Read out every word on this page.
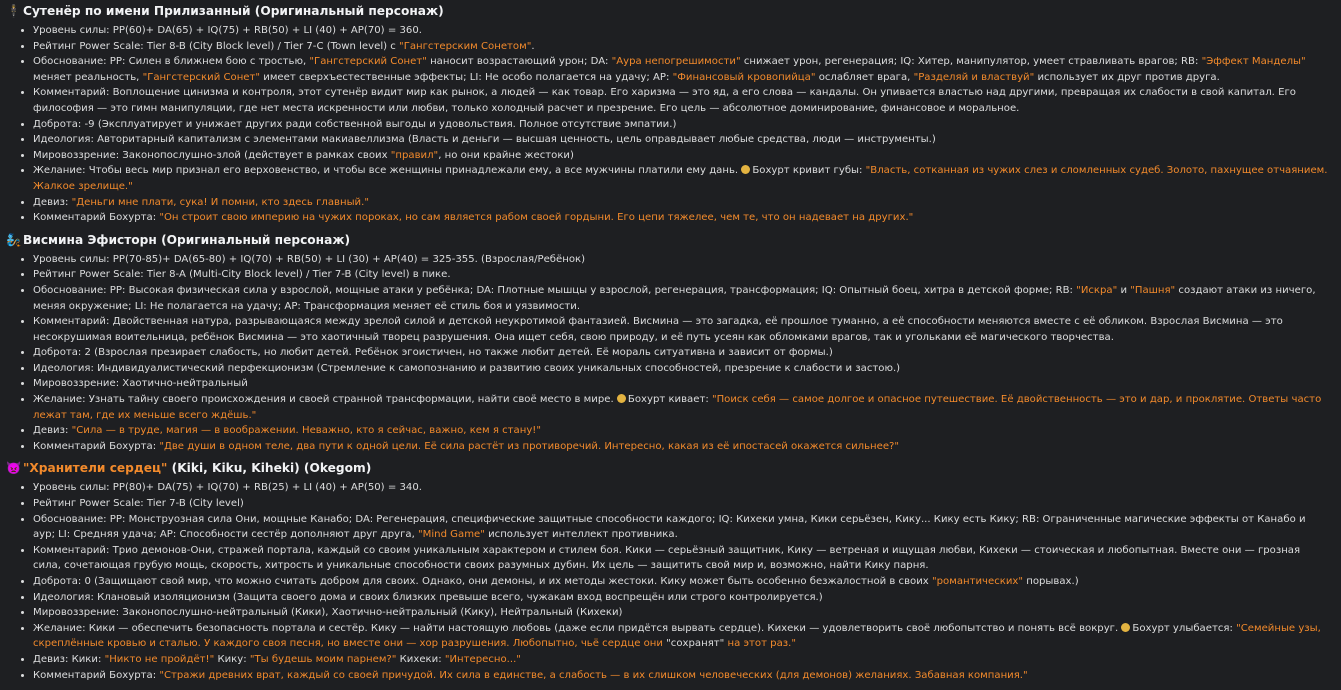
🕴 Сутенёр по имени Прилизанный (Оригинальный персонаж)
• Уровень силы: PP(60)+ DA(65) + IQ(75) + RB(50) + LI (40) + AP(70) = 360.
• Рейтинг Power Scale: Tier 8-B (City Block level) / Tier 7-C (Town level) с "Гангстерским Сонетом".
• Обоснование: PP: Силен в ближнем бою с тростью, "Гангстерский Сонет" наносит возрастающий урон; DA: "Аура непогрешимости" снижает урон, регенерация; IQ: Хитер, манипулятор, умеет стравливать врагов; RB: "Эффект Манделы" меняет реальность, "Гангстерский Сонет" имеет сверхъестественные эффекты; LI: Не особо полагается на удачу; AP: "Финансовый кровопийца" ослабляет врага, "Разделяй и властвуй" использует их друг против друга.
• Комментарий: Воплощение цинизма и контроля, этот сутенёр видит мир как рынок, а людей — как товар. Его харизма — это яд, а его слова — кандалы. Он упивается властью над другими, превращая их слабости в свой капитал. Его философия — это гимн манипуляции, где нет места искренности или любви, только холодный расчет и презрение. Его цель — абсолютное доминирование, финансовое и моральное.
• Доброта: -9 (Эксплуатирует и унижает других ради собственной выгоды и удовольствия. Полное отсутствие эмпатии.)
• Идеология: Авторитарный капитализм с элементами макиавеллизма (Власть и деньги — высшая ценность, цель оправдывает любые средства, люди — инструменты.)
• Мировоззрение: Законопослушно-злой (действует в рамках своих "правил", но они крайне жестоки)
• Желание: Чтобы весь мир признал его верховенство, и чтобы все женщины принадлежали ему, а все мужчины платили ему дань. Бохурт кривит губы: "Власть, сотканная из чужих слез и сломленных судеб. Золото, пахнущее отчаянием. Жалкое зрелище."
• Девиз: "Деньги мне плати, сука! И помни, кто здесь главный."
• Комментарий Бохурта: "Он строит свою империю на чужих пороках, но сам является рабом своей гордыни. Его цепи тяжелее, чем те, что он надевает на других."
🧞 Висмина Эфисторн (Оригинальный персонаж)
• Уровень силы: PP(70-85)+ DA(65-80) + IQ(70) + RB(50) + LI (30) + AP(40) = 325-355. (Взрослая/Ребёнок)
• Рейтинг Power Scale: Tier 8-A (Multi-City Block level) / Tier 7-B (City level) в пике.
• Обоснование: PP: Высокая физическая сила у взрослой, мощные атаки у ребёнка; DA: Плотные мышцы у взрослой, регенерация, трансформация; IQ: Опытный боец, хитра в детской форме; RB: "Искра" и "Пашня" создают атаки из ничего, меняя окружение; LI: Не полагается на удачу; AP: Трансформация меняет её стиль боя и уязвимости.
• Комментарий: Двойственная натура, разрывающаяся между зрелой силой и детской неукротимой фантазией. Висмина — это загадка, её прошлое туманно, а её способности меняются вместе с её обликом. Взрослая Висмина — это несокрушимая воительница, ребёнок Висмина — это хаотичный творец разрушения. Она ищет себя, свою природу, и её путь усеян как обломками врагов, так и угольками её магического творчества.
• Доброта: 2 (Взрослая презирает слабость, но любит детей. Ребёнок эгоистичен, но также любит детей. Её мораль ситуативна и зависит от формы.)
• Идеология: Индивидуалистический перфекционизм (Стремление к самопознанию и развитию своих уникальных способностей, презрение к слабости и застою.)
• Мировоззрение: Хаотично-нейтральный
• Желание: Узнать тайну своего происхождения и своей странной трансформации, найти своё место в мире. Бохурт кивает: "Поиск себя — самое долгое и опасное путешествие. Её двойственность — это и дар, и проклятие. Ответы часто лежат там, где их меньше всего ждёшь."
• Девиз: "Сила — в труде, магия — в воображении. Неважно, кто я сейчас, важно, кем я стану!"
• Комментарий Бохурта: "Две души в одном теле, два пути к одной цели. Её сила растёт из противоречий. Интересно, какая из её ипостасей окажется сильнее?"
👿 "Хранители сердец" (Kiki, Kiku, Kiheki) (Okegom)
• Уровень силы: PP(80)+ DA(75) + IQ(70) + RB(25) + LI (40) + AP(50) = 340.
• Рейтинг Power Scale: Tier 7-B (City level)
• Обоснование: PP: Монструозная сила Они, мощные Канабо; DA: Регенерация, специфические защитные способности каждого; IQ: Кихеки умна, Кики серьёзен, Кику... Кику есть Кику; RB: Ограниченные магические эффекты от Канабо и аур; LI: Средняя удача; AP: Способности сестёр дополняют друг друга, "Mind Game" использует интеллект противника.
• Комментарий: Трио демонов-Они, стражей портала, каждый со своим уникальным характером и стилем боя. Кики — серьёзный защитник, Кику — ветреная и ищущая любви, Кихеки — стоическая и любопытная. Вместе они — грозная сила, сочетающая грубую мощь, скорость, хитрость и уникальные способности своих разумных дубин. Их цель — защитить свой мир и, возможно, найти Кику парня.
• Доброта: 0 (Защищают свой мир, что можно считать добром для своих. Однако, они демоны, и их методы жестоки. Кику может быть особенно безжалостной в своих "романтических" порывах.)
• Идеология: Клановый изоляционизм (Защита своего дома и своих близких превыше всего, чужакам вход воспрещён или строго контролируется.)
• Мировоззрение: Законопослушно-нейтральный (Кики), Хаотично-нейтральный (Кику), Нейтральный (Кихеки)
• Желание: Кики — обеспечить безопасность портала и сестёр. Кику — найти настоящую любовь (даже если придётся вырвать сердце). Кихеки — удовлетворить своё любопытство и понять всё вокруг. Бохурт улыбается: "Семейные узы, скреплённые кровью и сталью. У каждого своя песня, но вместе они — хор разрушения. Любопытно, чьё сердце они "сохранят" на этот раз."
• Девиз: Кики: "Никто не пройдёт!" Кику: "Ты будешь моим парнем?" Кихеки: "Интересно..."
• Комментарий Бохурта: "Стражи древних врат, каждый со своей причудой. Их сила в единстве, а слабость — в их слишком человеческих (для демонов) желаниях. Забавная компания."
